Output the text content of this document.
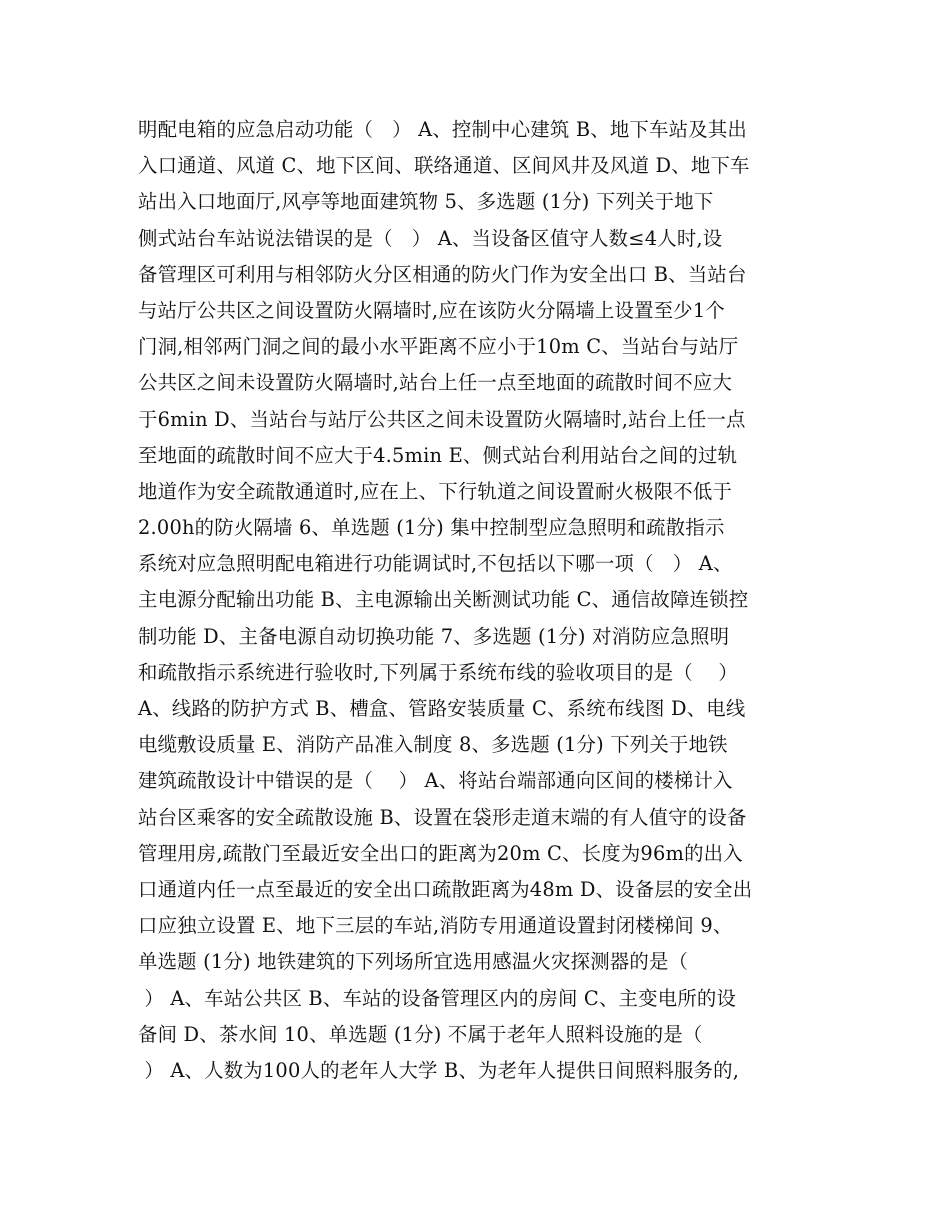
明配电箱的应急启动功能（   ） A、控制中心建筑 B、地下车站及其出
入口通道、风道 C、地下区间、联络通道、区间风井及风道 D、地下车
站出入口地面厅,风亭等地面建筑物 5、多选题 (1分) 下列关于地下
侧式站台车站说法错误的是（   ） A、当设备区值守人数≤4人时,设
备管理区可利用与相邻防火分区相通的防火门作为安全出口 B、当站台
与站厅公共区之间设置防火隔墙时,应在该防火分隔墙上设置至少1个
门洞,相邻两门洞之间的最小水平距离不应小于10m C、当站台与站厅
公共区之间未设置防火隔墙时,站台上任一点至地面的疏散时间不应大
于6min D、当站台与站厅公共区之间未设置防火隔墙时,站台上任一点
至地面的疏散时间不应大于4.5min E、侧式站台利用站台之间的过轨
地道作为安全疏散通道时,应在上、下行轨道之间设置耐火极限不低于
2.00h的防火隔墙 6、单选题 (1分) 集中控制型应急照明和疏散指示
系统对应急照明配电箱进行功能调试时,不包括以下哪一项（   ） A、
主电源分配输出功能 B、主电源输出关断测试功能 C、通信故障连锁控
制功能 D、主备电源自动切换功能 7、多选题 (1分) 对消防应急照明
和疏散指示系统进行验收时,下列属于系统布线的验收项目的是（    ）
A、线路的防护方式 B、槽盒、管路安装质量 C、系统布线图 D、电线
电缆敷设质量 E、消防产品准入制度 8、多选题 (1分) 下列关于地铁
建筑疏散设计中错误的是（    ） A、将站台端部通向区间的楼梯计入
站台区乘客的安全疏散设施 B、设置在袋形走道末端的有人值守的设备
管理用房,疏散门至最近安全出口的距离为20m C、长度为96m的出入
口通道内任一点至最近的安全出口疏散距离为48m D、设备层的安全出
口应独立设置 E、地下三层的车站,消防专用通道设置封闭楼梯间 9、
单选题 (1分) 地铁建筑的下列场所宜选用感温火灾探测器的是（
） A、车站公共区 B、车站的设备管理区内的房间 C、主变电所的设
备间 D、茶水间 10、单选题 (1分) 不属于老年人照料设施的是（
） A、人数为100人的老年人大学 B、为老年人提供日间照料服务的,
